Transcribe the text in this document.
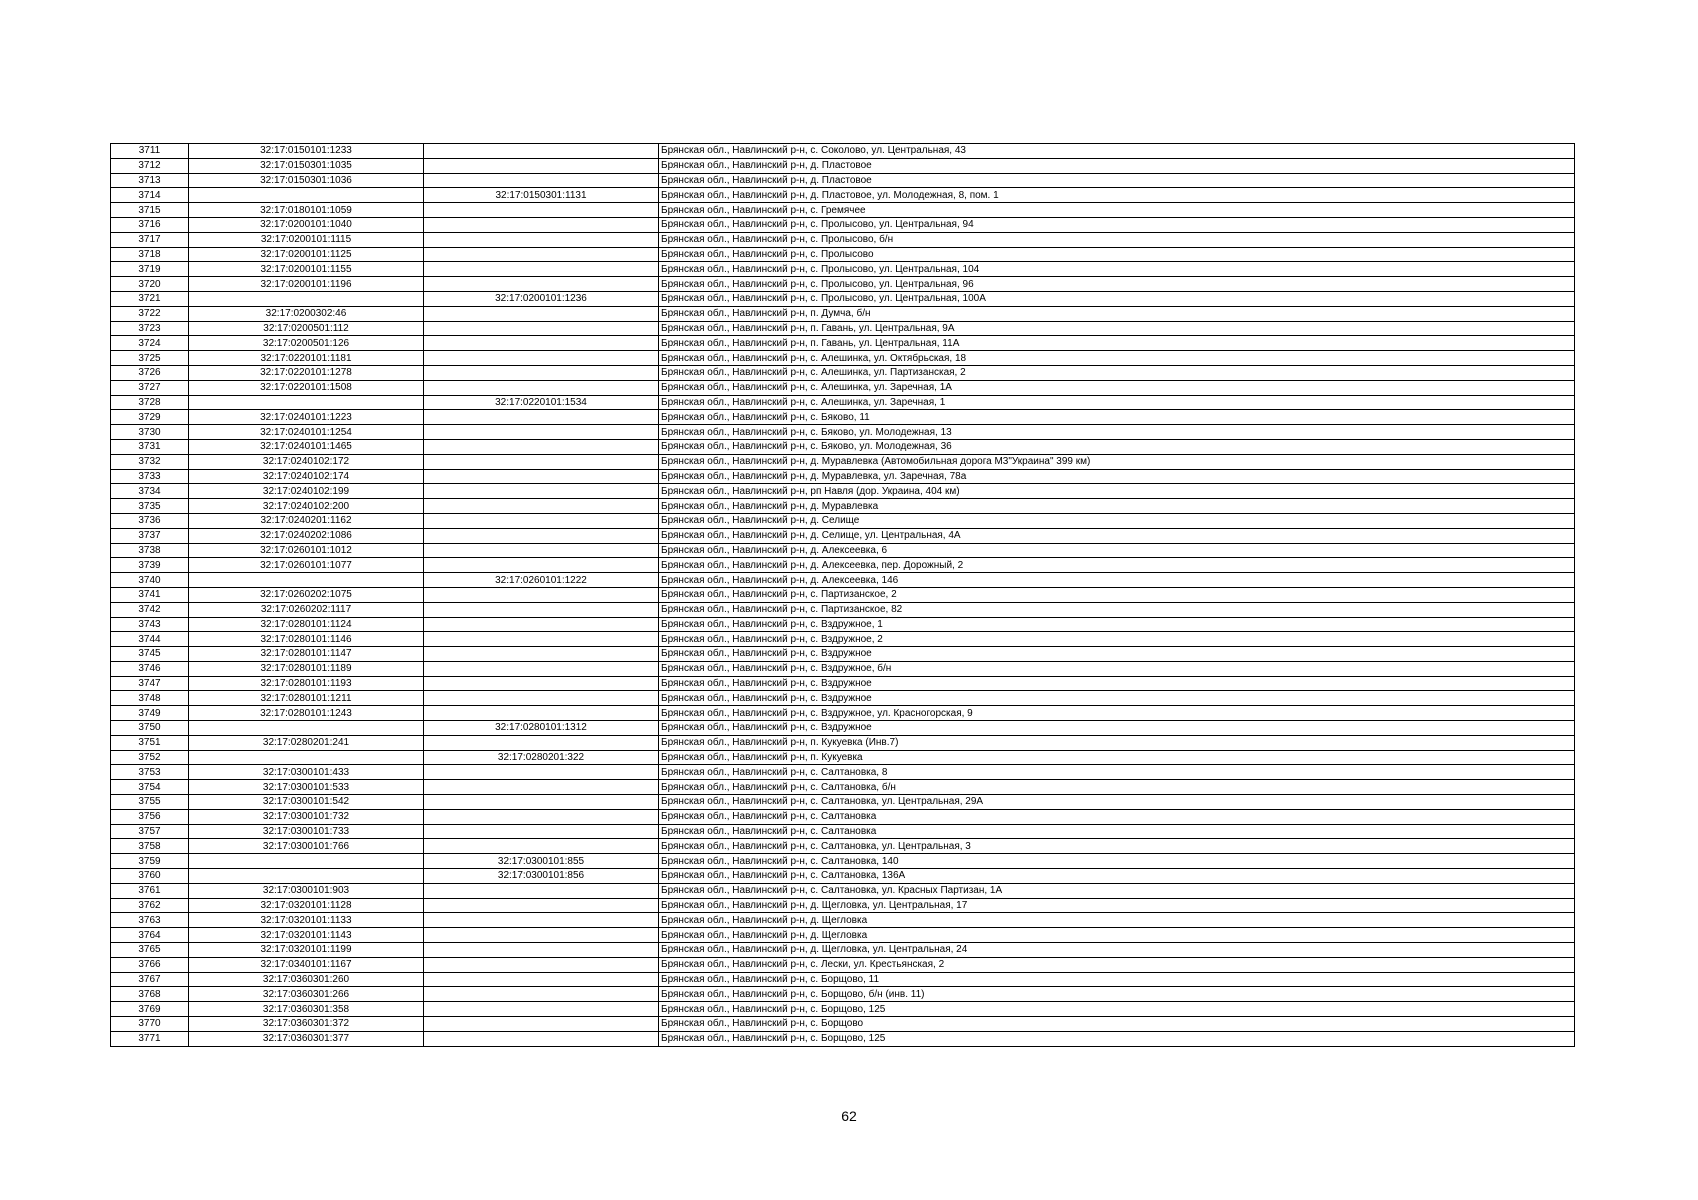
3711	32:17:0150101:1233		Брянская обл., Навлинский р-н, с. Соколово, ул. Центральная, 43
3712	32:17:0150301:1035		Брянская обл., Навлинский р-н, д. Пластовое
3713	32:17:0150301:1036		Брянская обл., Навлинский р-н, д. Пластовое
3714		32:17:0150301:1131	Брянская обл., Навлинский р-н, д. Пластовое, ул. Молодежная, 8, пом. 1
3715	32:17:0180101:1059		Брянская обл., Навлинский р-н, с. Гремячее
3716	32:17:0200101:1040		Брянская обл., Навлинский р-н, с. Пролысово, ул. Центральная, 94
3717	32:17:0200101:1115		Брянская обл., Навлинский р-н, с. Пролысово, б/н
3718	32:17:0200101:1125		Брянская обл., Навлинский р-н, с. Пролысово
3719	32:17:0200101:1155		Брянская обл., Навлинский р-н, с. Пролысово, ул. Центральная, 104
3720	32:17:0200101:1196		Брянская обл., Навлинский р-н, с. Пролысово, ул. Центральная, 96
3721		32:17:0200101:1236	Брянская обл., Навлинский р-н, с. Пролысово, ул. Центральная, 100А
3722	32:17:0200302:46		Брянская обл., Навлинский р-н, п. Думча, б/н
3723	32:17:0200501:112		Брянская обл., Навлинский р-н, п. Гавань, ул. Центральная, 9А
3724	32:17:0200501:126		Брянская обл., Навлинский р-н, п. Гавань, ул. Центральная, 11А
3725	32:17:0220101:1181		Брянская обл., Навлинский р-н, с. Алешинка, ул. Октябрьская, 18
3726	32:17:0220101:1278		Брянская обл., Навлинский р-н, с. Алешинка, ул. Партизанская, 2
3727	32:17:0220101:1508		Брянская обл., Навлинский р-н, с. Алешинка, ул. Заречная, 1А
3728		32:17:0220101:1534	Брянская обл., Навлинский р-н, с. Алешинка, ул. Заречная, 1
3729	32:17:0240101:1223		Брянская обл., Навлинский р-н, с. Бяково, 11
3730	32:17:0240101:1254		Брянская обл., Навлинский р-н, с. Бяково, ул. Молодежная, 13
3731	32:17:0240101:1465		Брянская обл., Навлинский р-н, с. Бяково, ул. Молодежная, 36
3732	32:17:0240102:172		Брянская обл., Навлинский р-н, д. Муравлевка (Автомобильная дорога М3"Украина" 399 км)
3733	32:17:0240102:174		Брянская обл., Навлинский р-н, д. Муравлевка, ул. Заречная, 78а
3734	32:17:0240102:199		Брянская обл., Навлинский р-н, рп Навля (дор. Украина, 404 км)
3735	32:17:0240102:200		Брянская обл., Навлинский р-н, д. Муравлевка
3736	32:17:0240201:1162		Брянская обл., Навлинский р-н, д. Селище
3737	32:17:0240202:1086		Брянская обл., Навлинский р-н, д. Селище, ул. Центральная, 4А
3738	32:17:0260101:1012		Брянская обл., Навлинский р-н, д. Алексеевка, 6
3739	32:17:0260101:1077		Брянская обл., Навлинский р-н, д. Алексеевка, пер. Дорожный, 2
3740		32:17:0260101:1222	Брянская обл., Навлинский р-н, д. Алексеевка, 146
3741	32:17:0260202:1075		Брянская обл., Навлинский р-н, с. Партизанское, 2
3742	32:17:0260202:1117		Брянская обл., Навлинский р-н, с. Партизанское, 82
3743	32:17:0280101:1124		Брянская обл., Навлинский р-н, с. Вздружное, 1
3744	32:17:0280101:1146		Брянская обл., Навлинский р-н, с. Вздружное, 2
3745	32:17:0280101:1147		Брянская обл., Навлинский р-н, с. Вздружное
3746	32:17:0280101:1189		Брянская обл., Навлинский р-н, с. Вздружное, б/н
3747	32:17:0280101:1193		Брянская обл., Навлинский р-н, с. Вздружное
3748	32:17:0280101:1211		Брянская обл., Навлинский р-н, с. Вздружное
3749	32:17:0280101:1243		Брянская обл., Навлинский р-н, с. Вздружное, ул. Красногорская, 9
3750		32:17:0280101:1312	Брянская обл., Навлинский р-н, с. Вздружное
3751	32:17:0280201:241		Брянская обл., Навлинский р-н, п. Кукуевка (Инв.7)
3752		32:17:0280201:322	Брянская обл., Навлинский р-н, п. Кукуевка
3753	32:17:0300101:433		Брянская обл., Навлинский р-н, с. Салтановка, 8
3754	32:17:0300101:533		Брянская обл., Навлинский р-н, с. Салтановка, б/н
3755	32:17:0300101:542		Брянская обл., Навлинский р-н, с. Салтановка, ул. Центральная, 29А
3756	32:17:0300101:732		Брянская обл., Навлинский р-н, с. Салтановка
3757	32:17:0300101:733		Брянская обл., Навлинский р-н, с. Салтановка
3758	32:17:0300101:766		Брянская обл., Навлинский р-н, с. Салтановка, ул. Центральная, 3
3759		32:17:0300101:855	Брянская обл., Навлинский р-н, с. Салтановка, 140
3760		32:17:0300101:856	Брянская обл., Навлинский р-н, с. Салтановка, 136А
3761	32:17:0300101:903		Брянская обл., Навлинский р-н, с. Салтановка, ул. Красных Партизан, 1А
3762	32:17:0320101:1128		Брянская обл., Навлинский р-н, д. Щегловка, ул. Центральная, 17
3763	32:17:0320101:1133		Брянская обл., Навлинский р-н, д. Щегловка
3764	32:17:0320101:1143		Брянская обл., Навлинский р-н, д. Щегловка
3765	32:17:0320101:1199		Брянская обл., Навлинский р-н, д. Щегловка, ул. Центральная, 24
3766	32:17:0340101:1167		Брянская обл., Навлинский р-н, с. Лески, ул. Крестьянская, 2
3767	32:17:0360301:260		Брянская обл., Навлинский р-н, с. Борщово, 11
3768	32:17:0360301:266		Брянская обл., Навлинский р-н, с. Борщово, б/н (инв. 11)
3769	32:17:0360301:358		Брянская обл., Навлинский р-н, с. Борщово, 125
3770	32:17:0360301:372		Брянская обл., Навлинский р-н, с. Борщово
3771	32:17:0360301:377		Брянская обл., Навлинский р-н, с. Борщово, 125
62
